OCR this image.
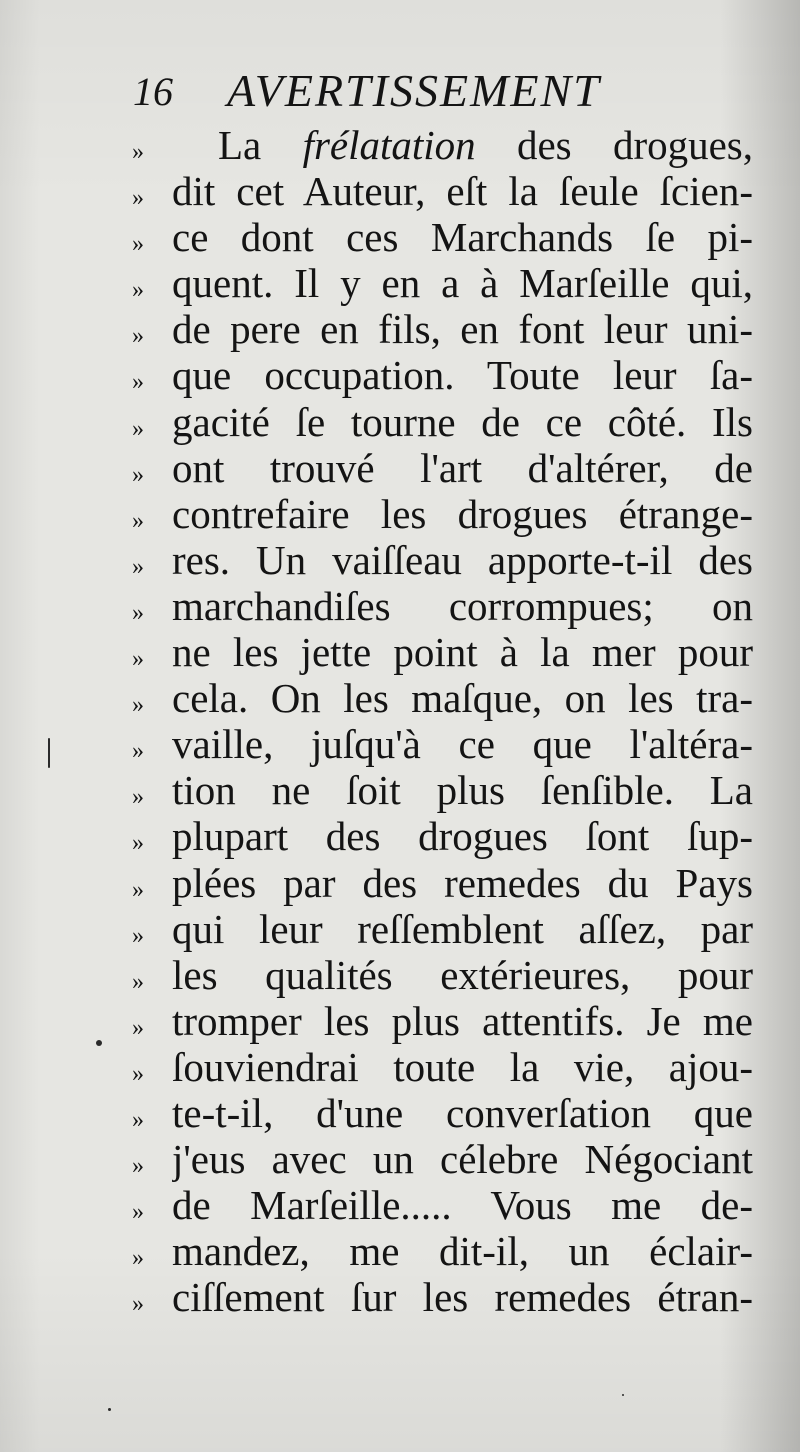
16 AVERTISSEMENT
»	La frélatation des drogues,
» dit cet Auteur, eſt la ſeule ſcien-
» ce dont ces Marchands ſe pi-
» quent. Il y en a à Marſeille qui,
» de pere en fils, en font leur uni-
» que occupation. Toute leur ſa-
» gacité ſe tourne de ce côté. Ils
» ont trouvé l'art d'altérer, de
» contrefaire les drogues étrange-
» res. Un vaiſſeau apporte-t-il des
» marchandiſes corrompues; on
» ne les jette point à la mer pour
» cela. On les maſque, on les tra-
» vaille, juſqu'à ce que l'altéra-
» tion ne ſoit plus ſenſible. La
» plupart des drogues ſont ſup-
» plées par des remedes du Pays
» qui leur reſſemblent aſſez, par
» les qualités extérieures, pour
» tromper les plus attentifs. Je me
» ſouviendrai toute la vie, ajou-
» te-t-il, d'une converſation que
» j'eus avec un célebre Négociant
» de Marſeille..... Vous me de-
» mandez, me dit-il, un éclair-
» ciſſement ſur les remedes étran-
